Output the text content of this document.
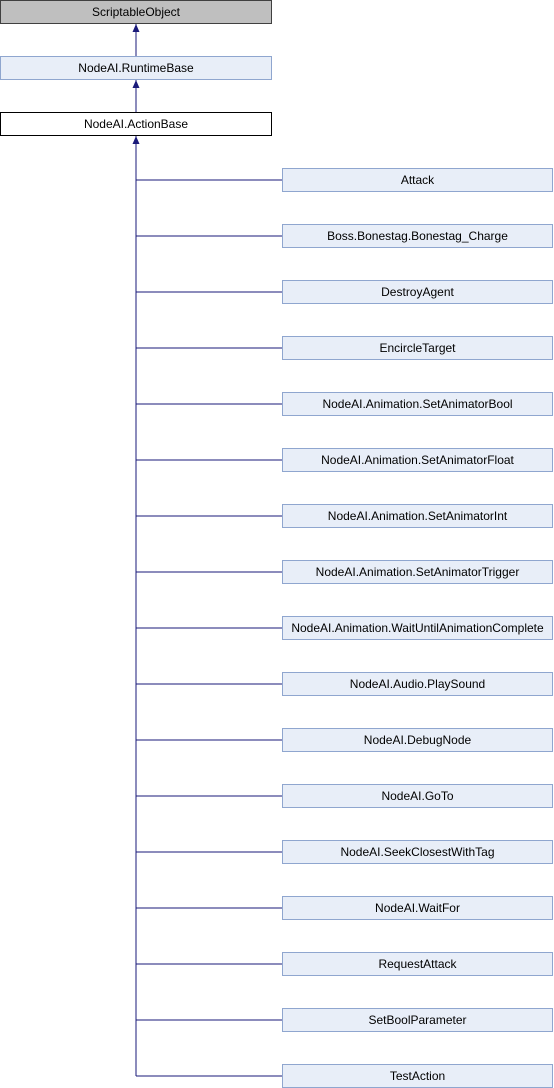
ScriptableObject
NodeAI.RuntimeBase
NodeAI.ActionBase
Attack
Boss.Bonestag.Bonestag_Charge
DestroyAgent
EncircleTarget
NodeAI.Animation.SetAnimatorBool
NodeAI.Animation.SetAnimatorFloat
NodeAI.Animation.SetAnimatorInt
NodeAI.Animation.SetAnimatorTrigger
NodeAI.Animation.WaitUntilAnimationComplete
NodeAI.Audio.PlaySound
NodeAI.DebugNode
NodeAI.GoTo
NodeAI.SeekClosestWithTag
NodeAI.WaitFor
RequestAttack
SetBoolParameter
TestAction
